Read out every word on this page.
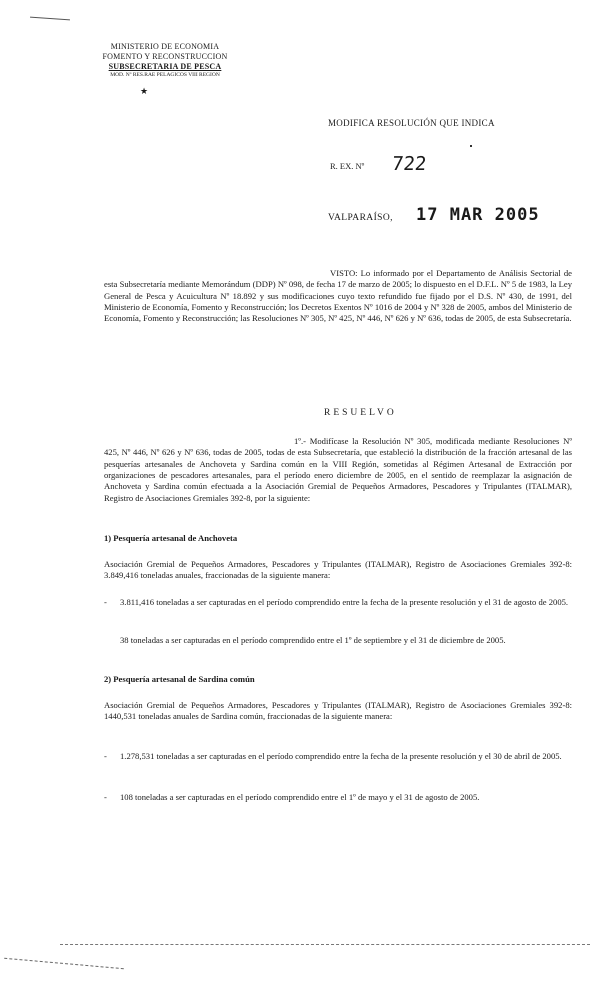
MINISTERIO DE ECONOMIA
FOMENTO Y RECONSTRUCCION
SUBSECRETARIA DE PESCA
MOD. Nº RES.RAE PELAGICOS VIII REGION
★
MODIFICA RESOLUCIÓN QUE INDICA
R. EX. Nº 722
VALPARAÍSO, 17 MAR 2005
VISTO: Lo informado por el Departamento de Análisis Sectorial de esta Subsecretaría mediante Memorándum (DDP) Nº 098, de fecha 17 de marzo de 2005; lo dispuesto en el D.F.L. Nº 5 de 1983, la Ley General de Pesca y Acuicultura Nº 18.892 y sus modificaciones cuyo texto refundido fue fijado por el D.S. Nº 430, de 1991, del Ministerio de Economía, Fomento y Reconstrucción; los Decretos Exentos Nº 1016 de 2004 y Nº 328 de 2005, ambos del Ministerio de Economía, Fomento y Reconstrucción; las Resoluciones Nº 305, Nº 425, Nº 446, Nº 626 y Nº 636, todas de 2005, de esta Subsecretaría.
RESUELVO
1º.- Modifícase la Resolución Nº 305, modificada mediante Resoluciones Nº 425, Nº 446, Nº 626 y Nº 636, todas de 2005, todas de esta Subsecretaría, que estableció la distribución de la fracción artesanal de las pesquerías artesanales de Anchoveta y Sardina común en la VIII Región, sometidas al Régimen Artesanal de Extracción por organizaciones de pescadores artesanales, para el período enero diciembre de 2005, en el sentido de reemplazar la asignación de Anchoveta y Sardina común efectuada a la Asociación Gremial de Pequeños Armadores, Pescadores y Tripulantes (ITALMAR), Registro de Asociaciones Gremiales 392-8, por la siguiente:
1) Pesquería artesanal de Anchoveta
Asociación Gremial de Pequeños Armadores, Pescadores y Tripulantes (ITALMAR), Registro de Asociaciones Gremiales 392-8: 3.849,416 toneladas anuales, fraccionadas de la siguiente manera:
- 3.811,416 toneladas a ser capturadas en el período comprendido entre la fecha de la presente resolución y el 31 de agosto de 2005.
38 toneladas a ser capturadas en el período comprendido entre el 1º de septiembre y el 31 de diciembre de 2005.
2) Pesquería artesanal de Sardina común
Asociación Gremial de Pequeños Armadores, Pescadores y Tripulantes (ITALMAR), Registro de Asociaciones Gremiales 392-8: 1440,531 toneladas anuales de Sardina común, fraccionadas de la siguiente manera:
- 1.278,531 toneladas a ser capturadas en el período comprendido entre la fecha de la presente resolución y el 30 de abril de 2005.
- 108 toneladas a ser capturadas en el período comprendido entre el 1º de mayo y el 31 de agosto de 2005.
